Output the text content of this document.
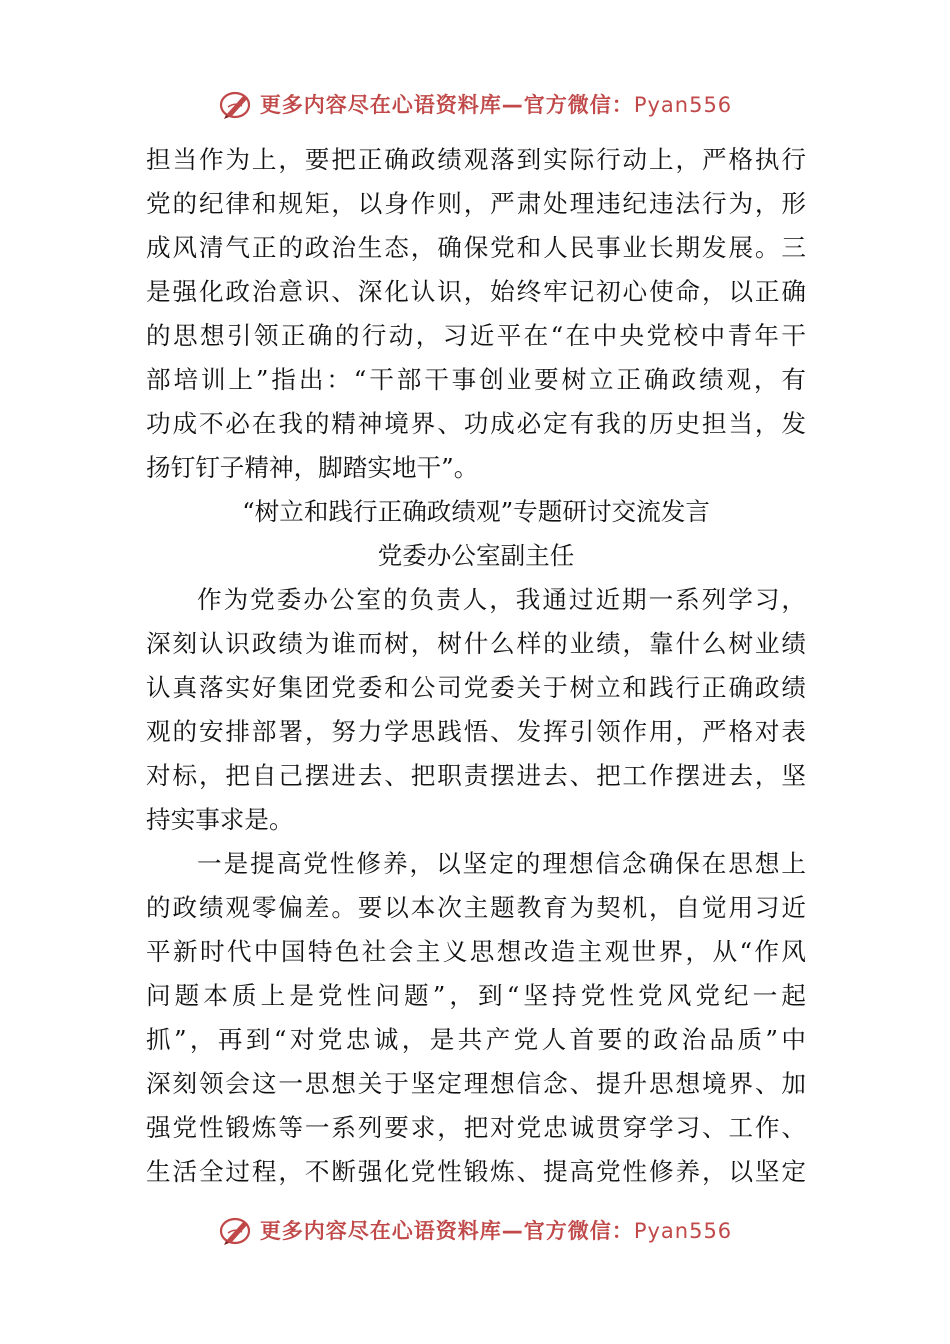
更多内容尽在心语资料库—官方微信：Pyan556
担当作为上，要把正确政绩观落到实际行动上，严格执行
党的纪律和规矩，以身作则，严肃处理违纪违法行为，形
成风清气正的政治生态，确保党和人民事业长期发展。三
是强化政治意识、深化认识，始终牢记初心使命，以正确
的思想引领正确的行动，习近平在“在中央党校中青年干
部培训上”指出：“干部干事创业要树立正确政绩观，有
功成不必在我的精神境界、功成必定有我的历史担当，发
扬钉钉子精神，脚踏实地干”。
“树立和践行正确政绩观”专题研讨交流发言
党委办公室副主任
作为党委办公室的负责人，我通过近期一系列学习，
深刻认识政绩为谁而树，树什么样的业绩，靠什么树业绩
认真落实好集团党委和公司党委关于树立和践行正确政绩
观的安排部署，努力学思践悟、发挥引领作用，严格对表
对标，把自己摆进去、把职责摆进去、把工作摆进去，坚
持实事求是。
一是提高党性修养，以坚定的理想信念确保在思想上
的政绩观零偏差。要以本次主题教育为契机，自觉用习近
平新时代中国特色社会主义思想改造主观世界，从“作风
问题本质上是党性问题”，到“坚持党性党风党纪一起
抓”，再到“对党忠诚，是共产党人首要的政治品质”中
深刻领会这一思想关于坚定理想信念、提升思想境界、加
强党性锻炼等一系列要求，把对党忠诚贯穿学习、工作、
生活全过程，不断强化党性锻炼、提高党性修养，以坚定
更多内容尽在心语资料库—官方微信：Pyan556
